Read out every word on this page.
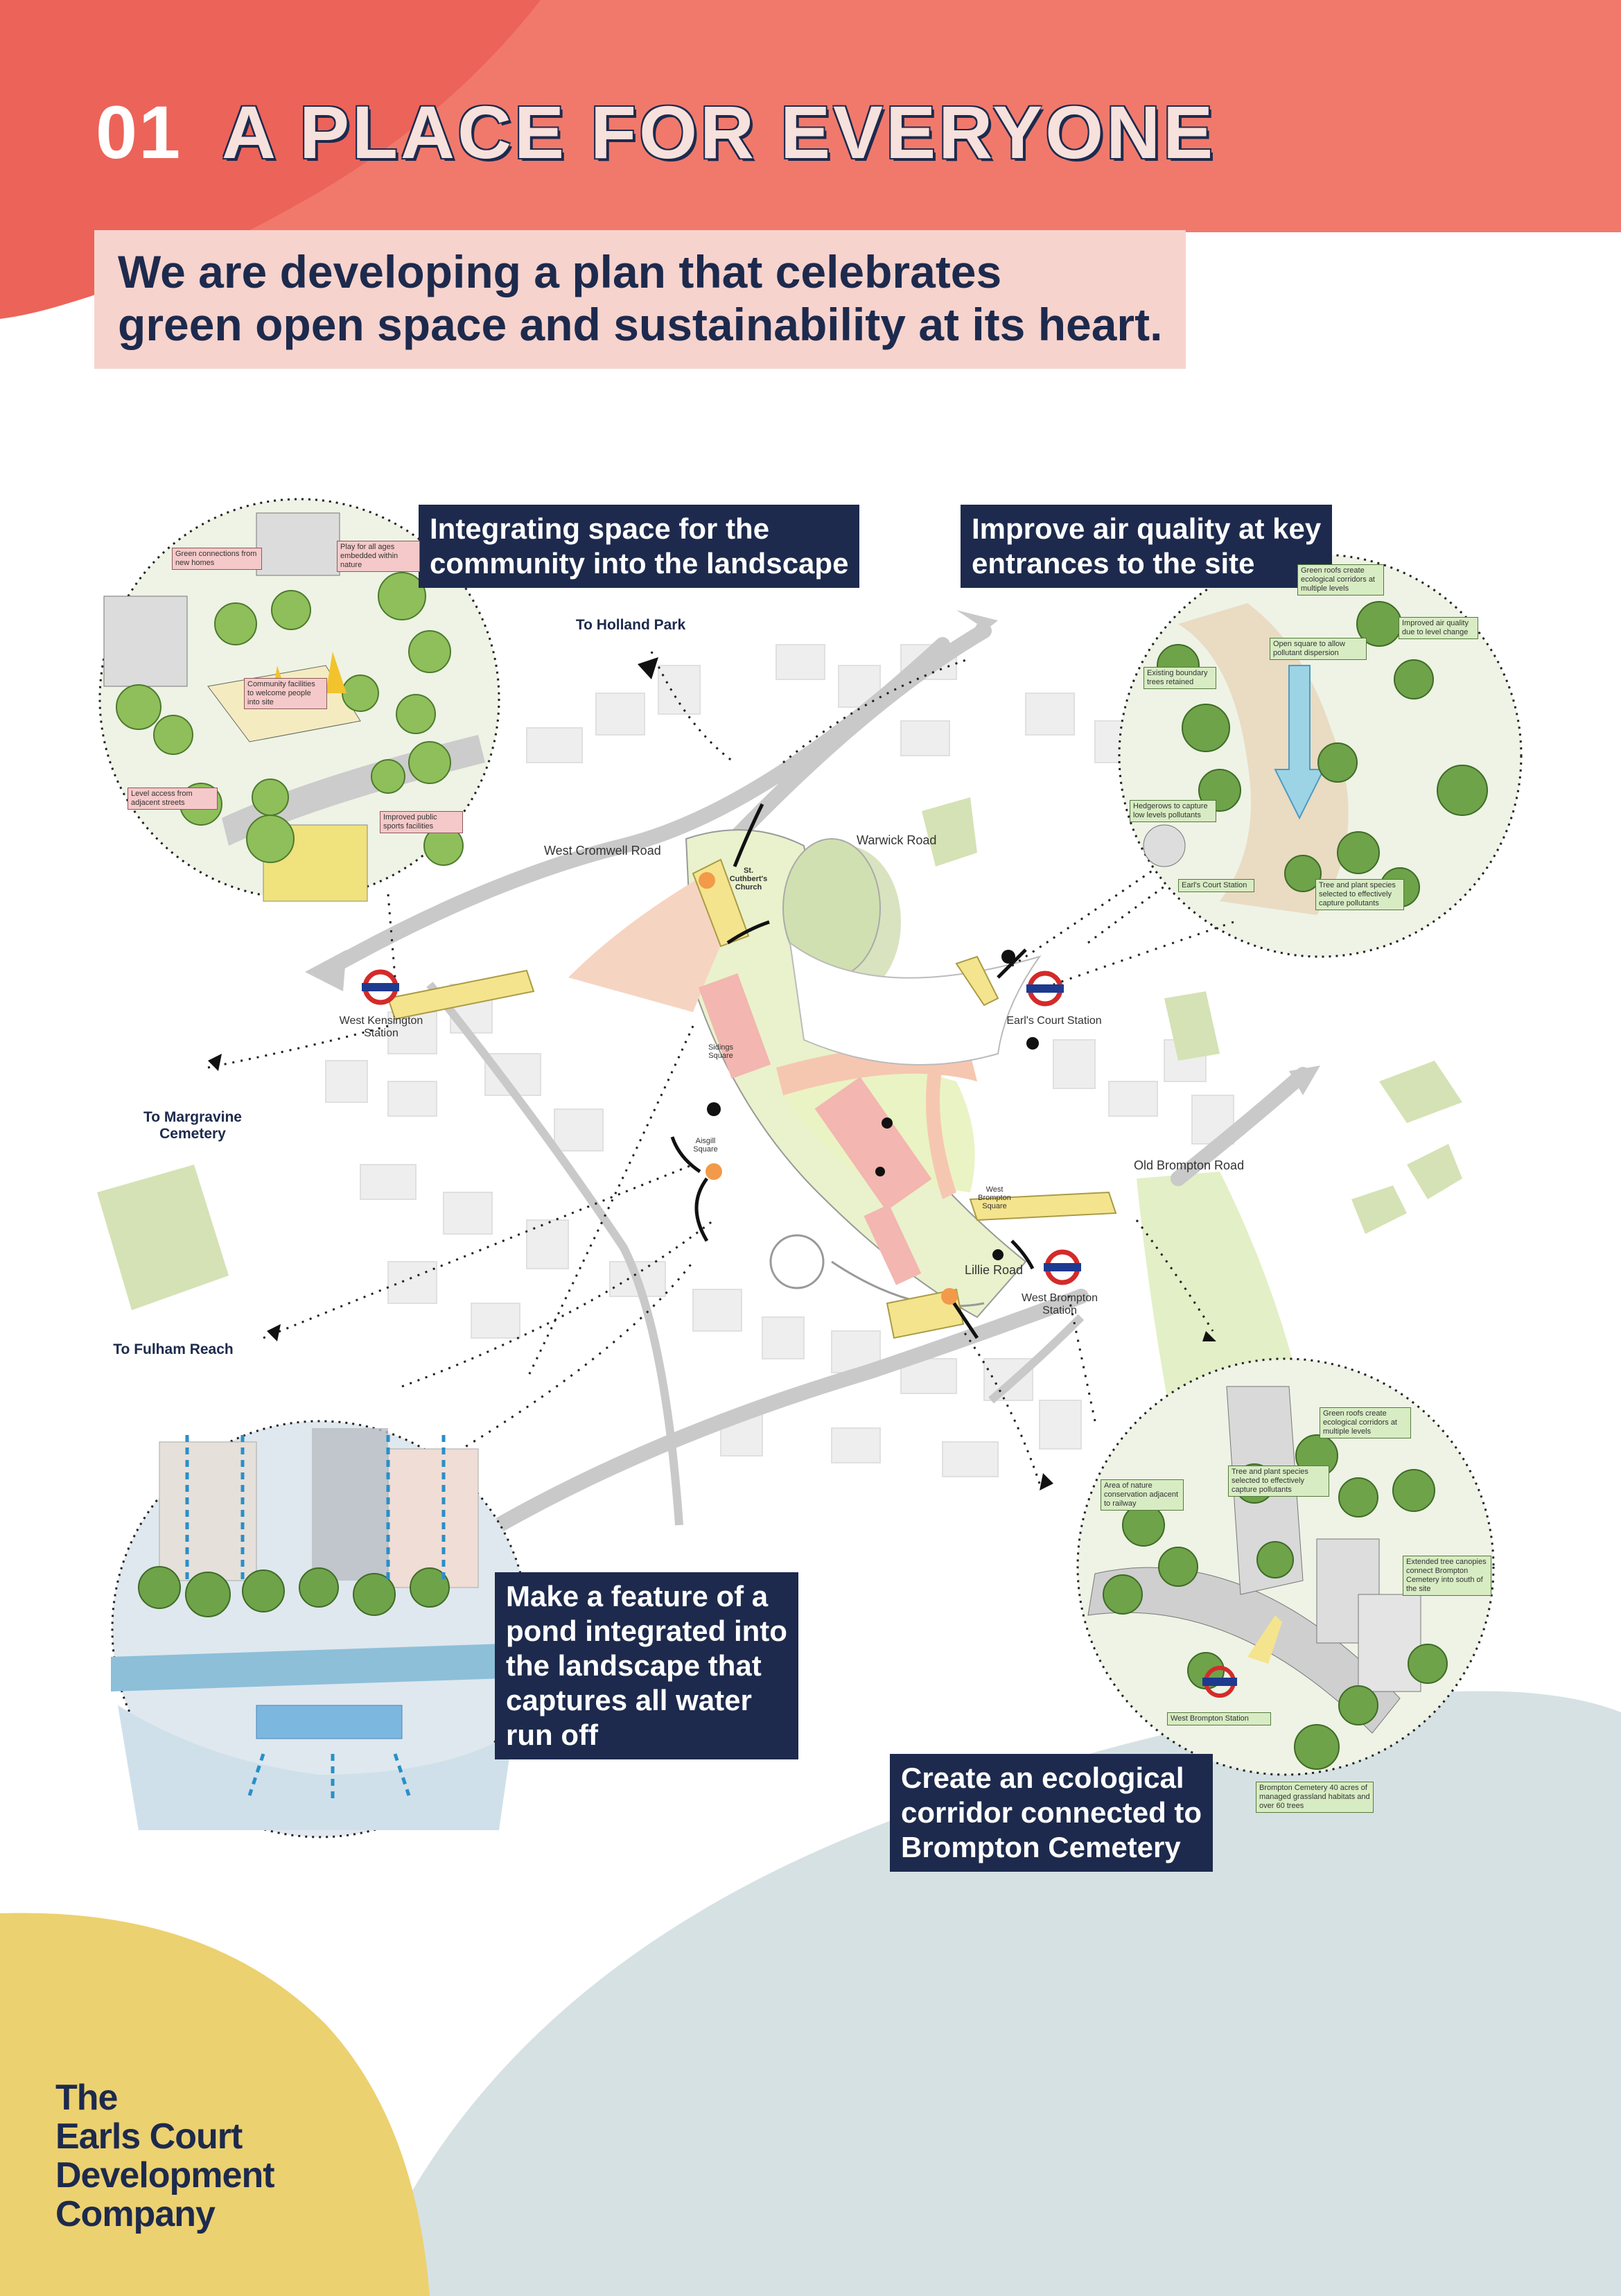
01 A PLACE FOR EVERYONE
We are developing a plan that celebrates
green open space and sustainability at its heart.
Integrating space for the
community into the landscape
Improve air quality at key
entrances to the site
Make a feature of a
pond integrated into
the landscape that
captures all water
run off
Create an ecological
corridor connected to
Brompton Cemetery
To Holland Park
To Margravine
Cemetery
To Fulham Reach
West Cromwell Road
Warwick Road
Old Brompton Road
Lillie Road
West Kensington
Station
Earl's Court Station
West Brompton
Station
St.
Cuthbert's
Church
Sidings
Square
Aisgill
Square
West
Brompton
Square
Green connections from new homes
Play for all ages embedded within nature
Community facilities to welcome people into site
Level access from adjacent streets
Improved public sports facilities
Green roofs create ecological corridors at multiple levels
Open square to allow pollutant dispersion
Improved air quality due to level change
Existing boundary trees retained
Hedgerows to capture low levels pollutants
Earl's Court Station	Tree and plant species selected to effectively capture pollutants
Green roofs create ecological corridors at multiple levels
Tree and plant species selected to effectively capture pollutants
Area of nature conservation adjacent to railway
Extended tree canopies connect Brompton Cemetery into south of the site
West Brompton Station
Brompton Cemetery 40 acres of managed grassland habitats and over 60 trees
The
Earls Court
Development
Company
